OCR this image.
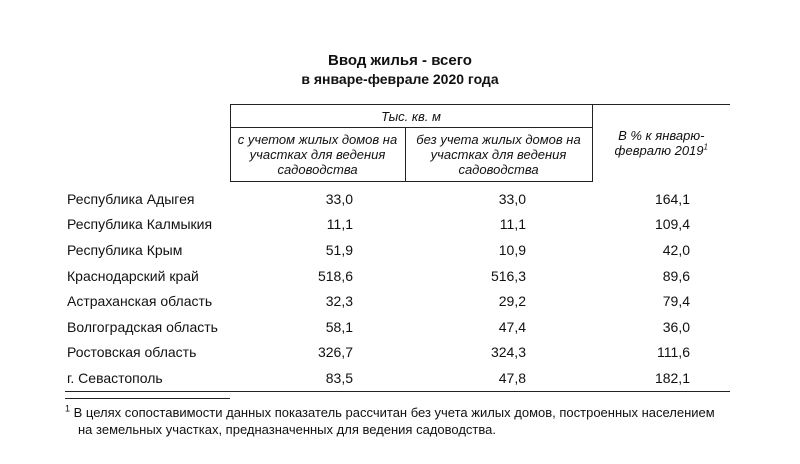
Ввод жилья - всего
в январе-феврале 2020 года
	Тыс. кв. м		В % к январю-февралю 2019$^1$
	с учетом жилых домов на участках для ведения садоводства	без учета жилых домов на участках для ведения садоводства	
Республика Адыгея	33,0	33,0	164,1
Республика Калмыкия	11,1	11,1	109,4
Республика Крым	51,9	10,9	42,0
Краснодарский край	518,6	516,3	89,6
Астраханская область	32,3	29,2	79,4
Волгоградская область	58,1	47,4	36,0
Ростовская область	326,7	324,3	111,6
г. Севастополь	83,5	47,8	182,1
$^1$ В целях сопоставимости данных показатель рассчитан без учета жилых домов, построенных населением
на земельных участках, предназначенных для ведения садоводства.
